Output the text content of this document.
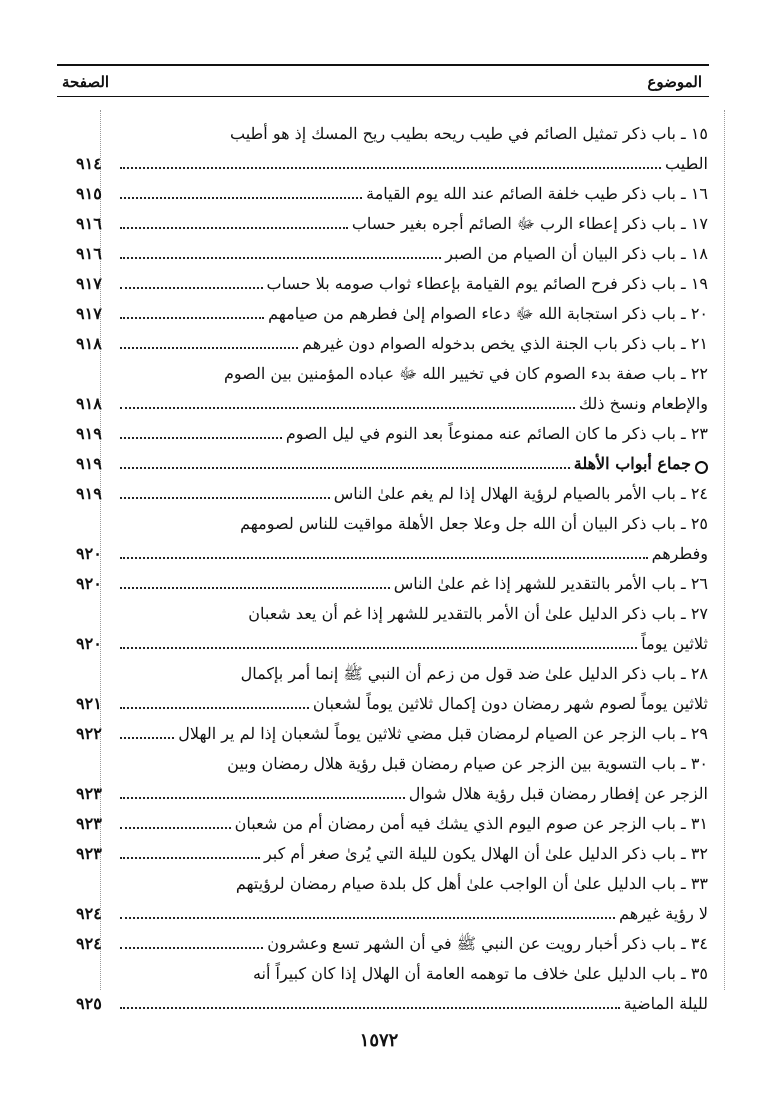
الموضوع
الصفحة
١٥ ـ باب ذكر تمثيل الصائم في طيب ريحه بطيب ريح المسك إذ هو أطيب
الطيب
٩١٤
١٦ ـ باب ذكر طيب خلفة الصائم عند الله يوم القيامة
٩١٥
١٧ ـ باب ذكر إعطاء الرب ﷻ الصائم أجره بغير حساب
٩١٦
١٨ ـ باب ذكر البيان أن الصيام من الصبر
٩١٦
١٩ ـ باب ذكر فرح الصائم يوم القيامة بإعطاء ثواب صومه بلا حساب
٩١٧
٢٠ ـ باب ذكر استجابة الله ﷻ دعاء الصوام إلىٰ فطرهم من صيامهم
٩١٧
٢١ ـ باب ذكر باب الجنة الذي يخص بدخوله الصوام دون غيرهم
٩١٨
٢٢ ـ باب صفة بدء الصوم كان في تخيير الله ﷻ عباده المؤمنين بين الصوم
والإطعام ونسخ ذلك
٩١٨
٢٣ ـ باب ذكر ما كان الصائم عنه ممنوعاً بعد النوم في ليل الصوم
٩١٩
جماع أبواب الأهلة
٩١٩
٢٤ ـ باب الأمر بالصيام لرؤية الهلال إذا لم يغم علىٰ الناس
٩١٩
٢٥ ـ باب ذكر البيان أن الله جل وعلا جعل الأهلة مواقيت للناس لصومهم
وفطرهم
٩٢٠
٢٦ ـ باب الأمر بالتقدير للشهر إذا غم علىٰ الناس
٩٢٠
٢٧ ـ باب ذكر الدليل علىٰ أن الأمر بالتقدير للشهر إذا غم أن يعد شعبان
ثلاثين يوماً
٩٢٠
٢٨ ـ باب ذكر الدليل علىٰ ضد قول من زعم أن النبي ﷺ إنما أمر بإكمال
ثلاثين يوماً لصوم شهر رمضان دون إكمال ثلاثين يوماً لشعبان
٩٢١
٢٩ ـ باب الزجر عن الصيام لرمضان قبل مضي ثلاثين يوماً لشعبان إذا لم ير الهلال
٩٢٢
٣٠ ـ باب التسوية بين الزجر عن صيام رمضان قبل رؤية هلال رمضان وبين
الزجر عن إفطار رمضان قبل رؤية هلال شوال
٩٢٣
٣١ ـ باب الزجر عن صوم اليوم الذي يشك فيه أمن رمضان أم من شعبان
٩٢٣
٣٢ ـ باب ذكر الدليل علىٰ أن الهلال يكون لليلة التي يُرىٰ صغر أم كبر
٩٢٣
٣٣ ـ باب الدليل علىٰ أن الواجب علىٰ أهل كل بلدة صيام رمضان لرؤيتهم
لا رؤية غيرهم
٩٢٤
٣٤ ـ باب ذكر أخبار رويت عن النبي ﷺ في أن الشهر تسع وعشرون
٩٢٤
٣٥ ـ باب الدليل علىٰ خلاف ما توهمه العامة أن الهلال إذا كان كبيراً أنه
لليلة الماضية
٩٢٥
١٥٧٢
